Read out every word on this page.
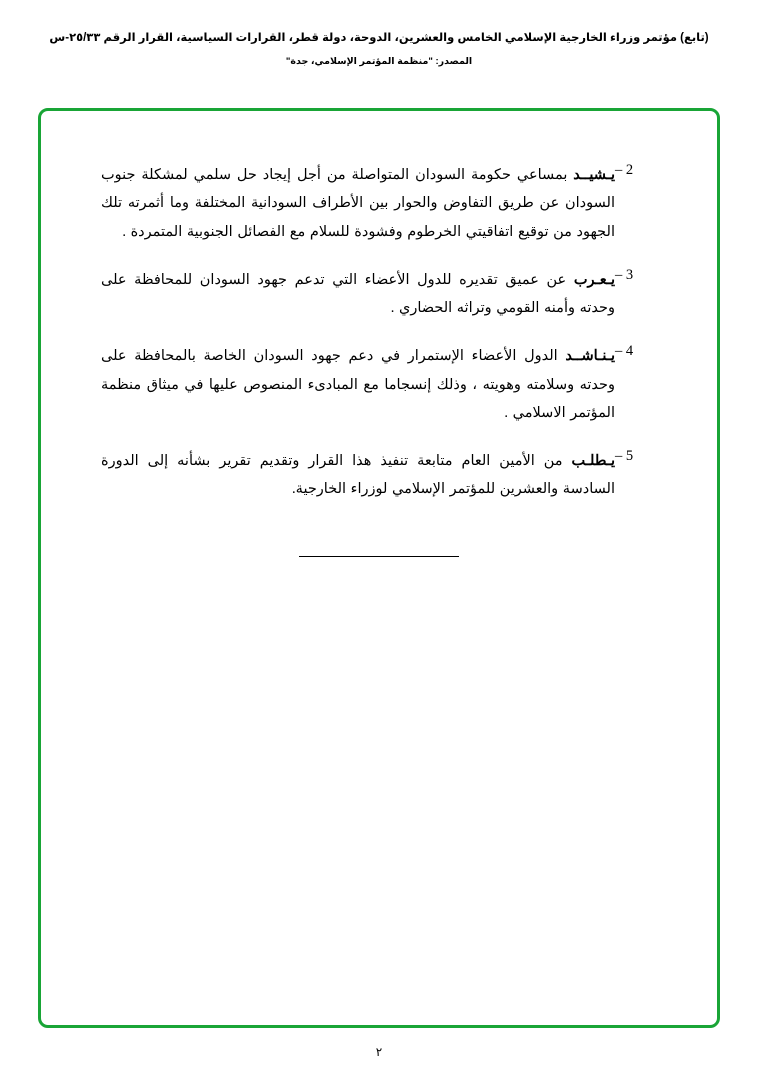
(تابع) مؤتمر وزراء الخارجية الإسلامي الخامس والعشرين، الدوحة، دولة قطر، القرارات السياسية، القرار الرقم ٢٥/٣٣-س
المصدر: "منظمة المؤتمر الإسلامي، جدة"
2 –
يـشيــد بمساعي حكومة السودان المتواصلة من أجل إيجاد حل سلمي لمشكلة جنوب السودان عن طريق التفاوض والحوار بين الأطراف السودانية المختلفة وما أثمرته تلك الجهود من توقيع اتفاقيتي الخرطوم وفشودة للسلام مع الفصائل الجنوبية المتمردة .
3 –
يـعـرب عن عميق تقديره للدول الأعضاء التي تدعم جهود السودان للمحافظة على وحدته وأمنه القومي وتراثه الحضاري .
4 –
يـنـاشــد الدول الأعضاء الإستمرار في دعم جهود السودان الخاصة بالمحافظة على وحدته وسلامته وهويته ، وذلك إنسجاما مع المبادىء المنصوص عليها في ميثاق منظمة المؤتمر الاسلامي .
5 –
يـطلـب من الأمين العام متابعة تنفيذ هذا القرار وتقديم تقرير بشأنه إلى الدورة السادسة والعشرين للمؤتمر الإسلامي لوزراء الخارجية.
٢
